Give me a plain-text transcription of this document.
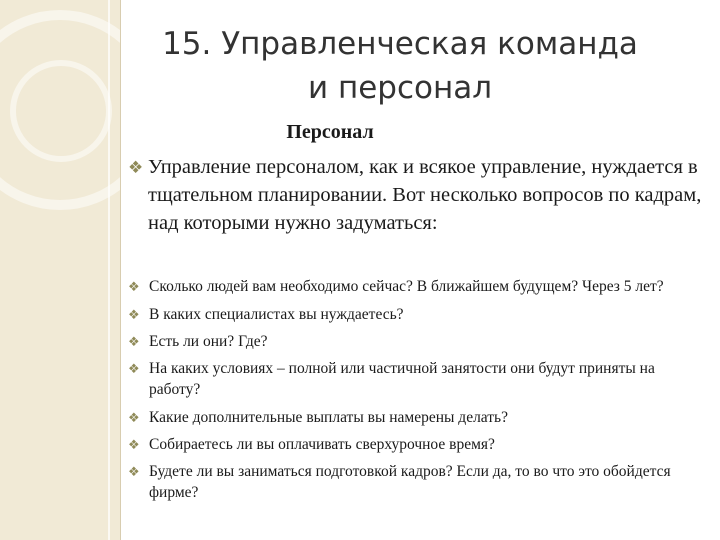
15. Управленческая команда
и персонал
Персонал
❖ Управление персоналом, как и всякое управление, нуждается в тщательном планировании. Вот несколько вопросов по кадрам, над которыми нужно задуматься:
❖ Сколько людей вам необходимо сейчас? В ближайшем будущем? Через 5 лет?
❖ В каких специалистах вы нуждаетесь?
❖ Есть ли они? Где?
❖ На каких условиях – полной или частичной занятости они будут приняты на работу?
❖ Какие дополнительные выплаты вы намерены делать?
❖ Собираетесь ли вы оплачивать сверхурочное время?
❖ Будете ли вы заниматься подготовкой кадров? Если да, то во что это обойдется фирме?
